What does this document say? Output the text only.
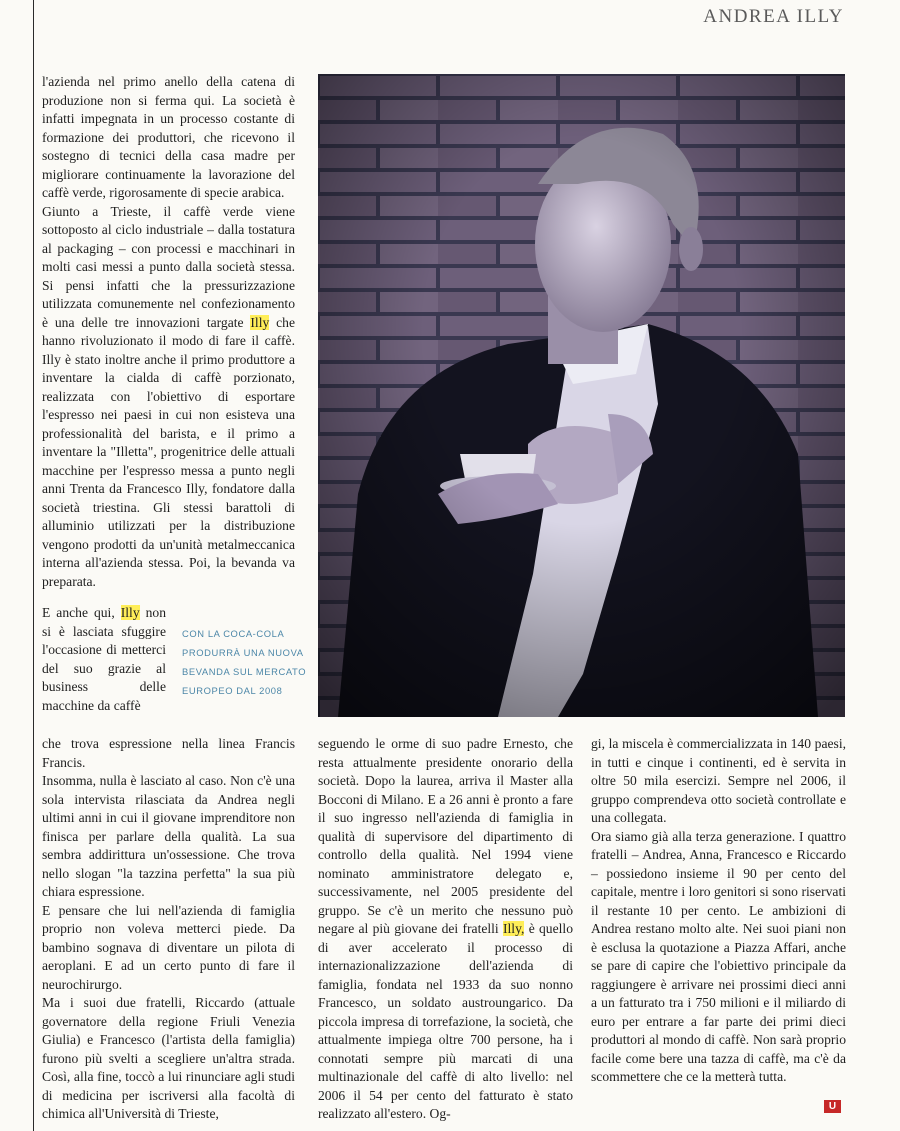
ANDREA ILLY

l'azienda nel primo anello della catena di produzione non si ferma qui. La società è infatti impegnata in un processo costante di formazione dei produttori, che ricevono il sostegno di tecnici della casa madre per migliorare continuamente la lavorazione del caffè verde, rigorosamente di specie arabica.

Giunto a Trieste, il caffè verde viene sottoposto al ciclo industriale – dalla tostatura al packaging – con processi e macchinari in molti casi messi a punto dalla società stessa. Si pensi infatti che la pressurizzazione utilizzata comunemente nel confezionamento è una delle tre innovazioni targate Illy che hanno rivoluzionato il modo di fare il caffè. Illy è stato inoltre anche il primo produttore a inventare la cialda di caffè porzionato, realizzata con l'obiettivo di esportare l'espresso nei paesi in cui non esisteva una professionalità del barista, e il primo a inventare la "Illetta", progenitrice delle attuali macchine per l'espresso messa a punto negli anni Trenta da Francesco Illy, fondatore dalla società triestina. Gli stessi barattoli di alluminio utilizzati per la distribuzione vengono prodotti da un'unità metalmeccanica interna all'azienda stessa. Poi, la bevanda va preparata.

E anche qui, Illy non si è lasciata sfuggire l'occasione di metterci del suo grazie al business delle macchine da caffè
CON LA COCA-COLA PRODURRÀ UNA NUOVA BEVANDA SUL MERCATO EUROPEO DAL 2008

che trova espressione nella linea Francis Francis.

Insomma, nulla è lasciato al caso. Non c'è una sola intervista rilasciata da Andrea negli ultimi anni in cui il giovane imprenditore non finisca per parlare della qualità. La sua sembra addirittura un'ossessione. Che trova nello slogan "la tazzina perfetta" la sua più chiara espressione.

E pensare che lui nell'azienda di famiglia proprio non voleva metterci piede. Da bambino sognava di diventare un pilota di aeroplani. E ad un certo punto di fare il neurochirurgo.

Ma i suoi due fratelli, Riccardo (attuale governatore della regione Friuli Venezia Giulia) e Francesco (l'artista della famiglia) furono più svelti a scegliere un'altra strada. Così, alla fine, toccò a lui rinunciare agli studi di medicina per iscriversi alla facoltà di chimica all'Università di Trieste,

seguendo le orme di suo padre Ernesto, che resta attualmente presidente onorario della società. Dopo la laurea, arriva il Master alla Bocconi di Milano. E a 26 anni è pronto a fare il suo ingresso nell'azienda di famiglia in qualità di supervisore del dipartimento di controllo della qualità. Nel 1994 viene nominato amministratore delegato e, successivamente, nel 2005 presidente del gruppo. Se c'è un merito che nessuno può negare al più giovane dei fratelli Illy, è quello di aver accelerato il processo di internazionalizzazione dell'azienda di famiglia, fondata nel 1933 da suo nonno Francesco, un soldato austroungarico. Da piccola impresa di torrefazione, la società, che attualmente impiega oltre 700 persone, ha i connotati sempre più marcati di una multinazionale del caffè di alto livello: nel 2006 il 54 per cento del fatturato è stato realizzato all'estero. Og-

gi, la miscela è commercializzata in 140 paesi, in tutti e cinque i continenti, ed è servita in oltre 50 mila esercizi. Sempre nel 2006, il gruppo comprendeva otto società controllate e una collegata.

Ora siamo già alla terza generazione. I quattro fratelli – Andrea, Anna, Francesco e Riccardo – possiedono insieme il 90 per cento del capitale, mentre i loro genitori si sono riservati il restante 10 per cento. Le ambizioni di Andrea restano molto alte. Nei suoi piani non è esclusa la quotazione a Piazza Affari, anche se pare di capire che l'obiettivo principale da raggiungere è arrivare nei prossimi dieci anni a un fatturato tra i 750 milioni e il miliardo di euro per entrare a far parte dei primi dieci produttori al mondo di caffè. Non sarà proprio facile come bere una tazza di caffè, ma c'è da scommettere che ce la metterà tutta.

U
